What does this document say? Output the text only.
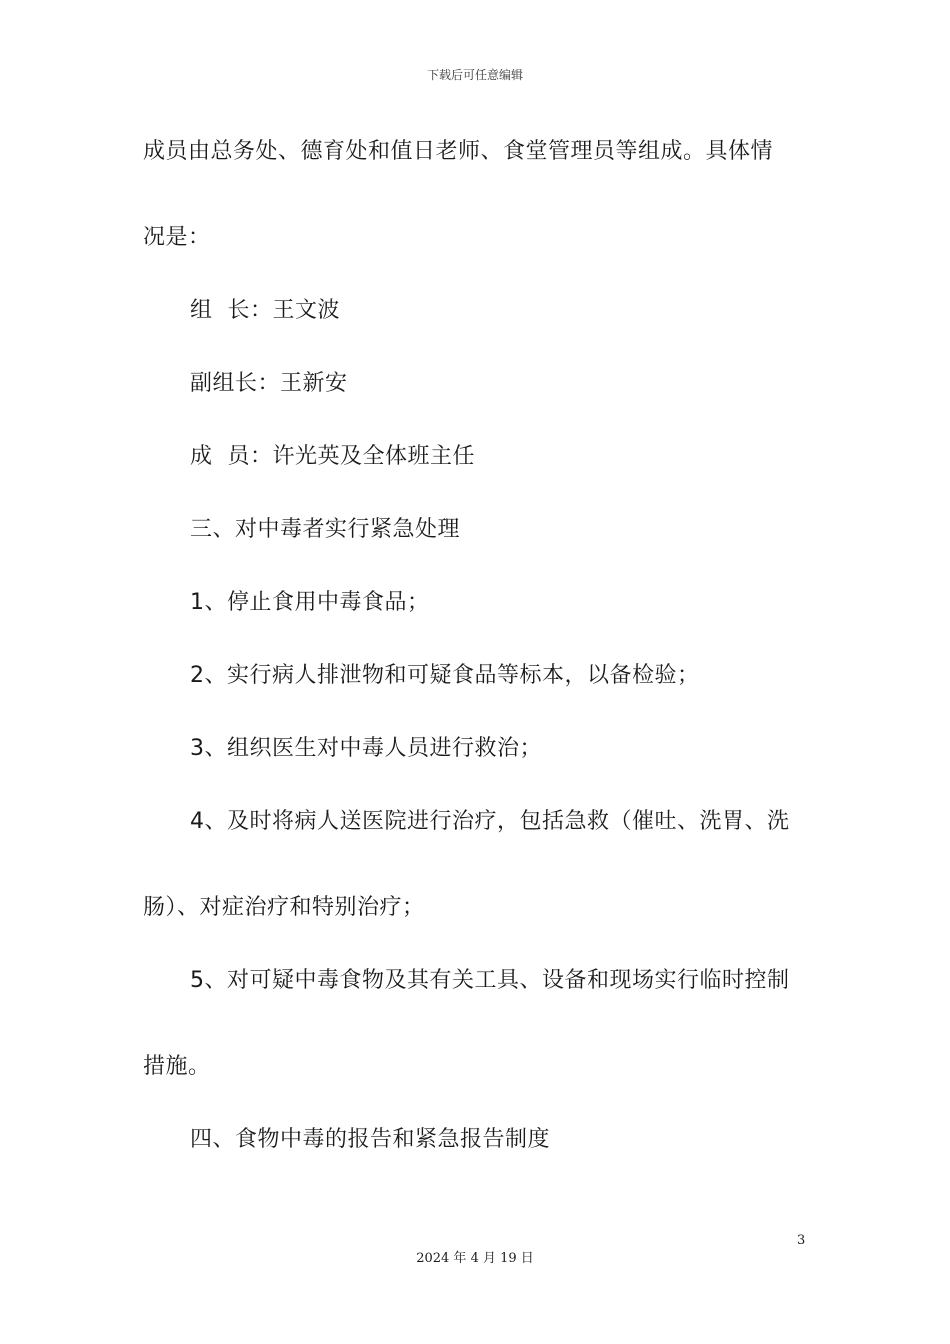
下载后可任意编辑
成员由总务处、德育处和值日老师、食堂管理员等组成。具体情
况是：
组  长：王文波
副组长：王新安
成  员：许光英及全体班主任
三、对中毒者实行紧急处理
1、停止食用中毒食品；
2、实行病人排泄物和可疑食品等标本，以备检验；
3、组织医生对中毒人员进行救治；
4、及时将病人送医院进行治疗，包括急救（催吐、洗胃、洗
肠）、对症治疗和特别治疗；
5、对可疑中毒食物及其有关工具、设备和现场实行临时控制
措施。
四、食物中毒的报告和紧急报告制度
3
2024 年 4 月 19 日
